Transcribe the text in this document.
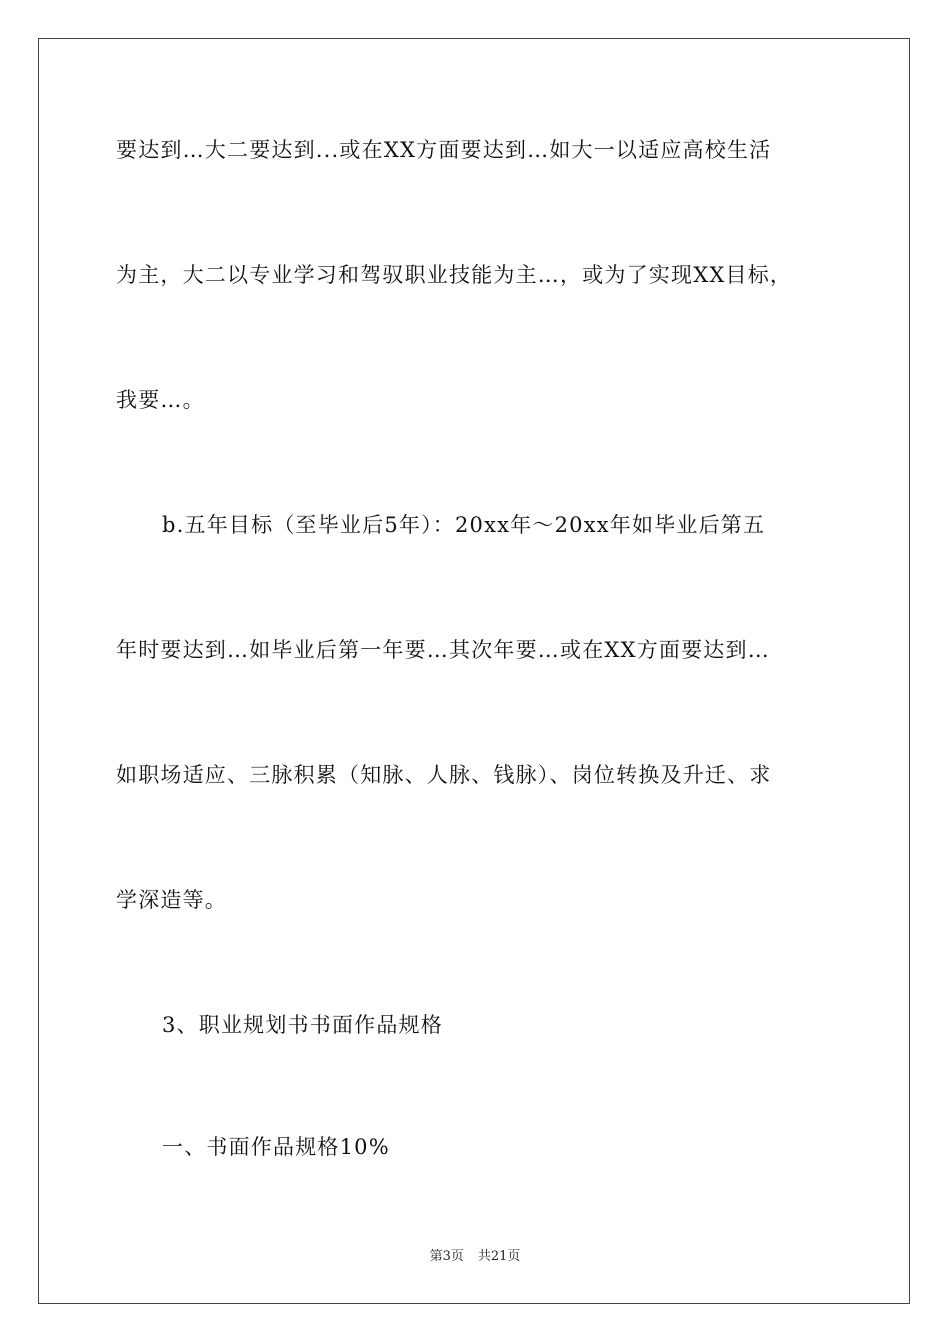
要达到…大二要达到...或在XX方面要达到…如大一以适应高校生活
为主，大二以专业学习和驾驭职业技能为主…，或为了实现XX目标，
我要…。
b.五年目标（至毕业后5年）：20xx年～20xx年如毕业后第五
年时要达到…如毕业后第一年要…其次年要…或在XX方面要达到…
如职场适应、三脉积累（知脉、人脉、钱脉）、岗位转换及升迁、求
学深造等。
3、职业规划书书面作品规格
一、书面作品规格10%
第3页 共21页
